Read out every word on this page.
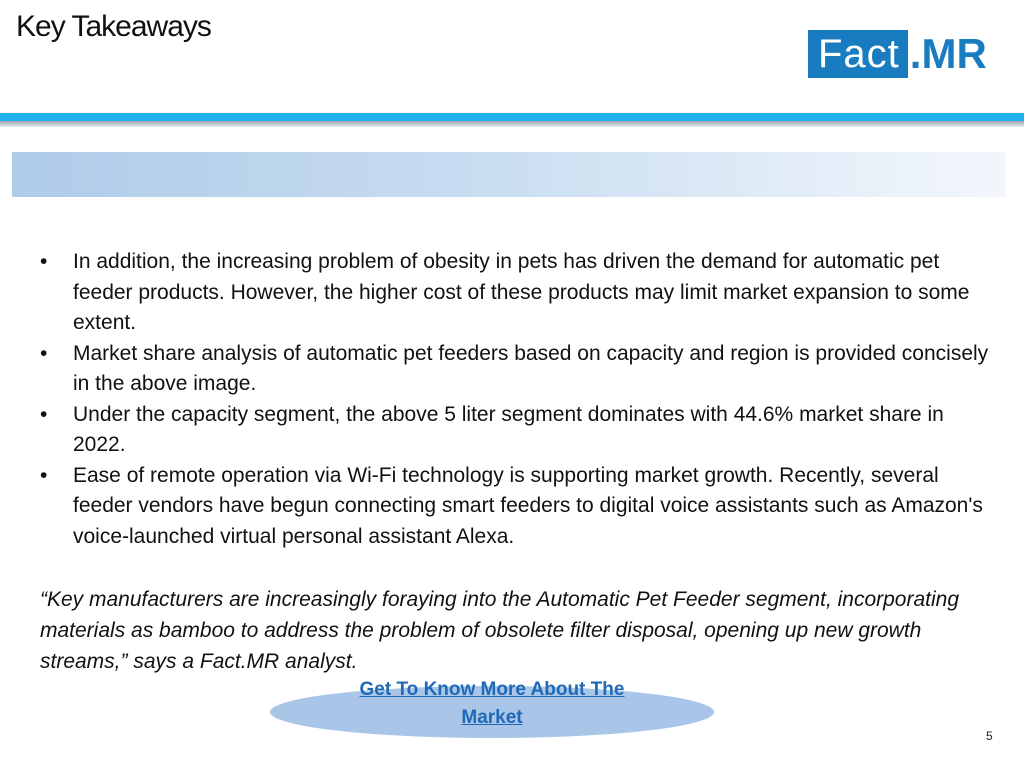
Key Takeaways
Fact .MR
• In addition, the increasing problem of obesity in pets has driven the demand for automatic pet feeder products. However, the higher cost of these products may limit market expansion to some extent.
• Market share analysis of automatic pet feeders based on capacity and region is provided concisely in the above image.
• Under the capacity segment, the above 5 liter segment dominates with 44.6% market share in 2022.
• Ease of remote operation via Wi-Fi technology is supporting market growth. Recently, several feeder vendors have begun connecting smart feeders to digital voice assistants such as Amazon's voice-launched virtual personal assistant Alexa.
“Key manufacturers are increasingly foraying into the Automatic Pet Feeder segment, incorporating materials as bamboo to address the problem of obsolete filter disposal, opening up new growth streams,” says a Fact.MR analyst.
Get To Know More About The Market
5
